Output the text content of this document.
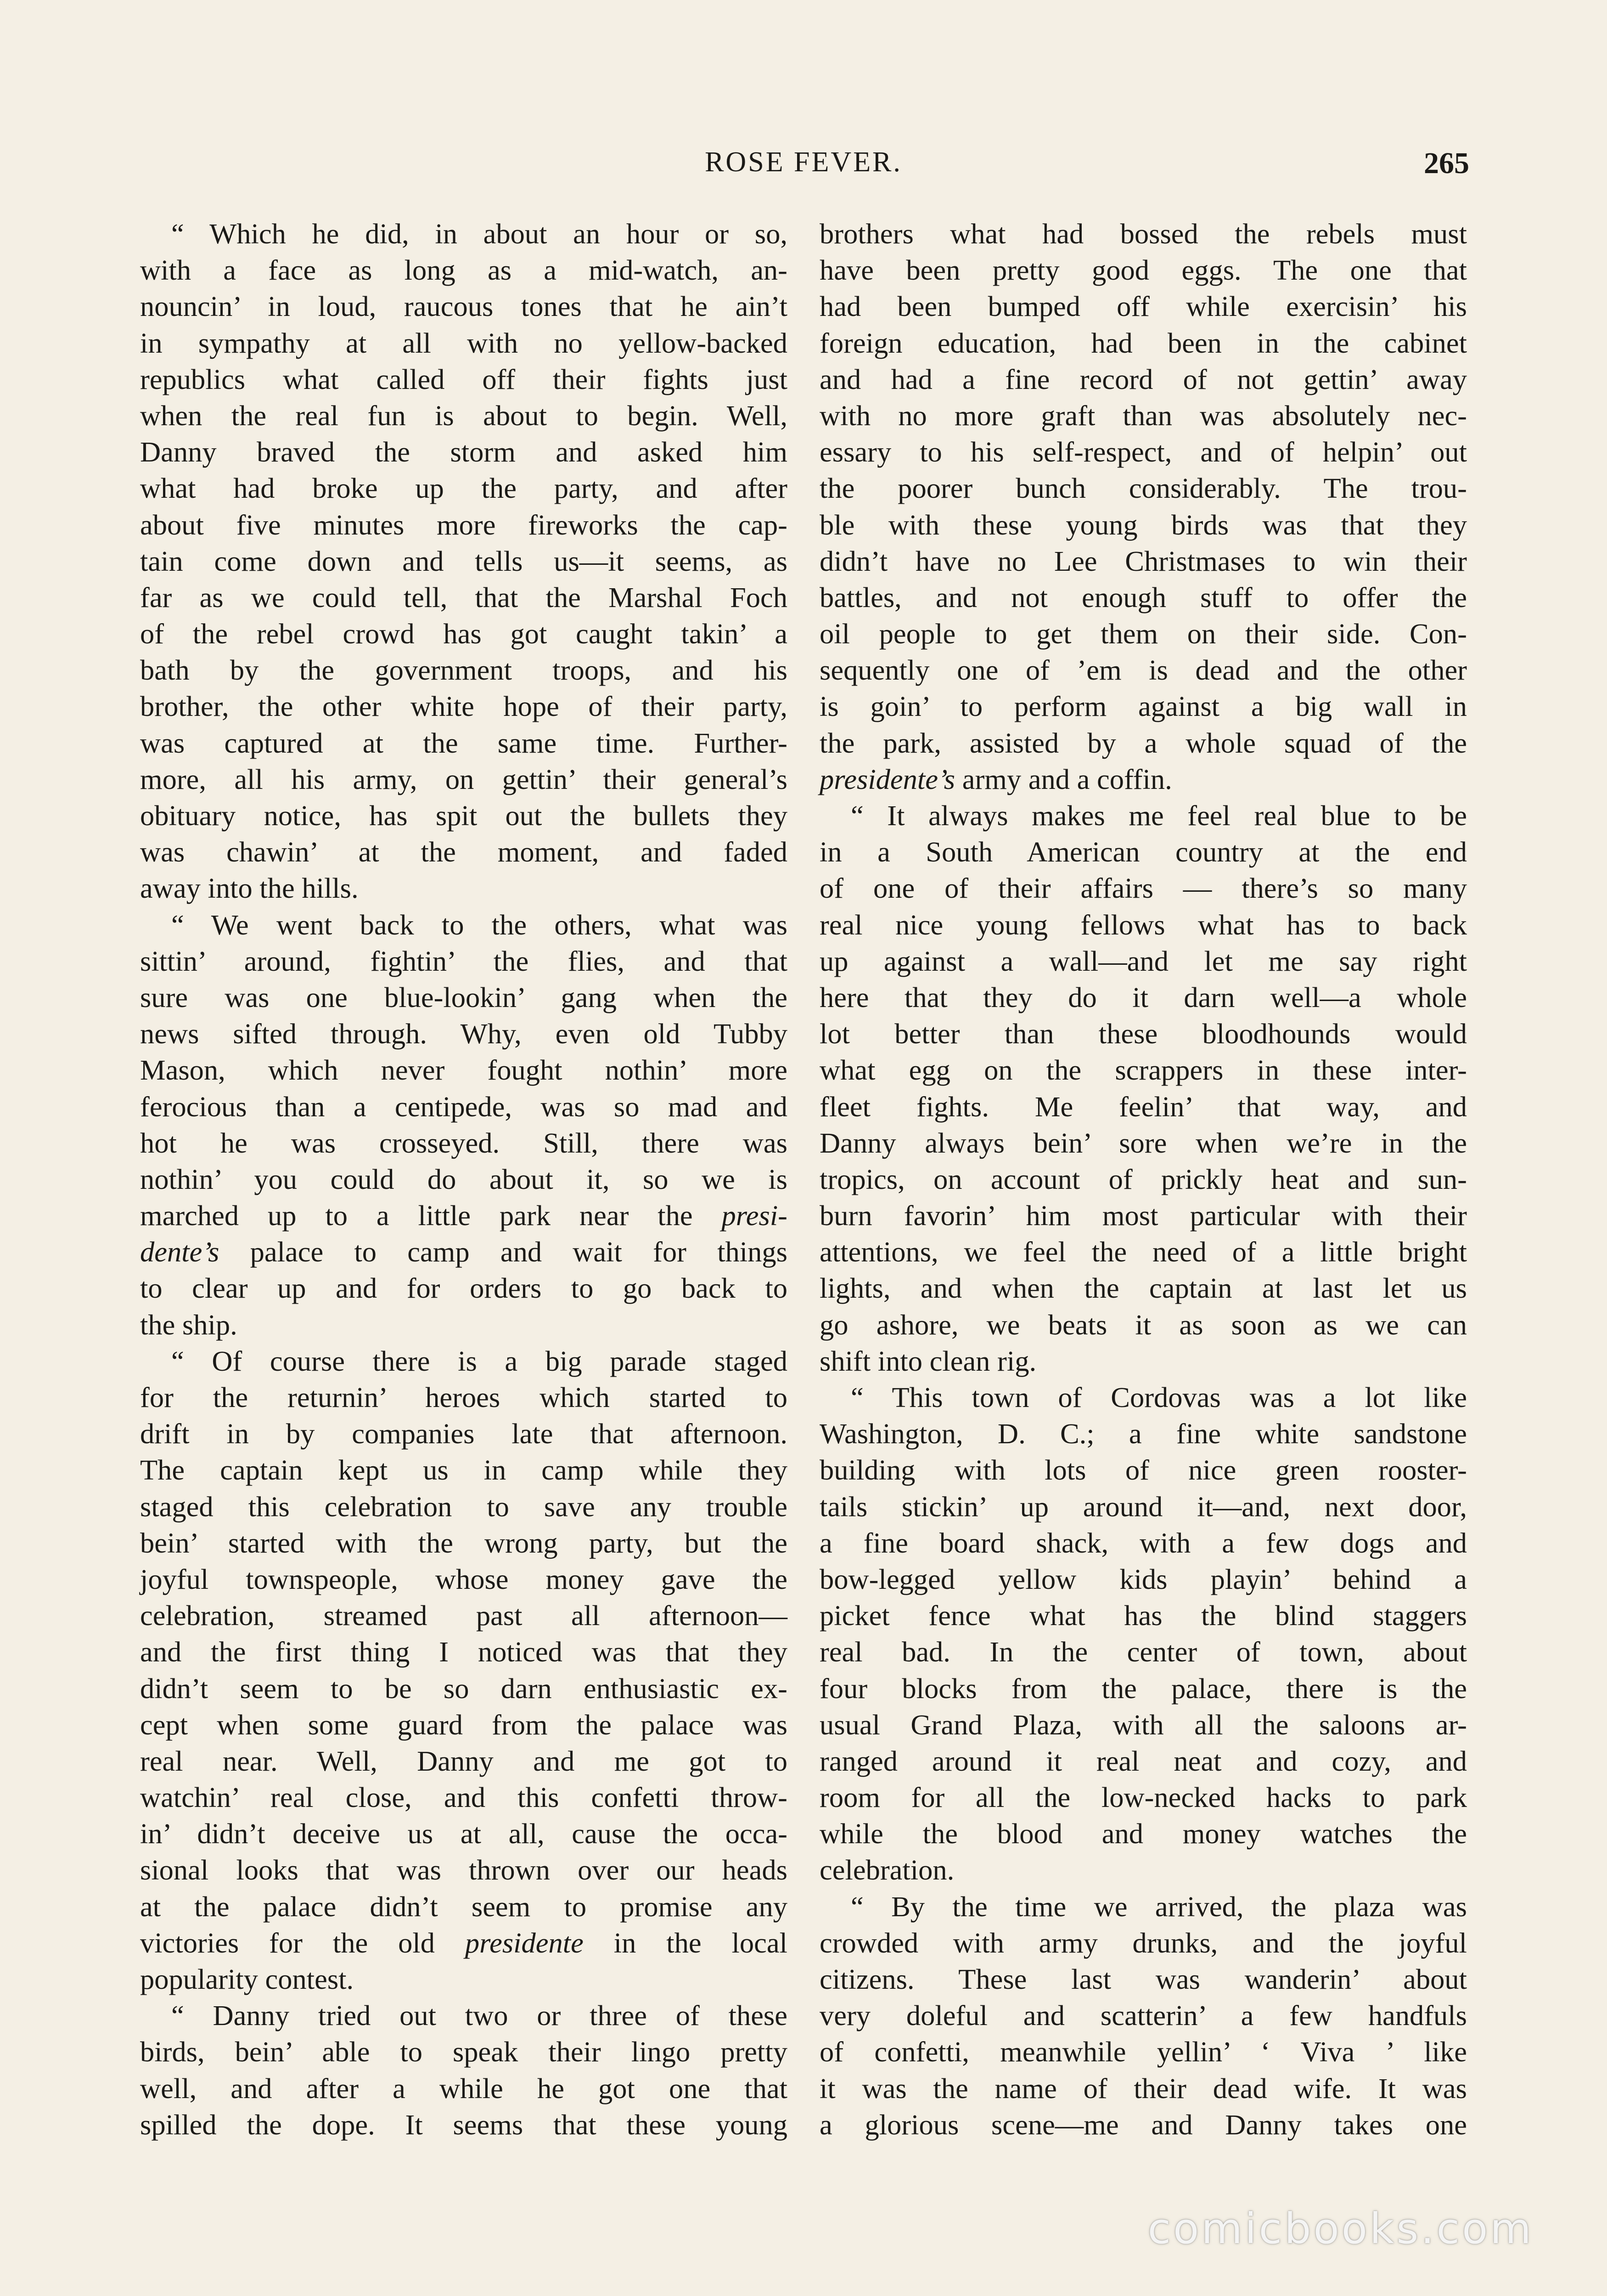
ROSE FEVER.	265
“ Which he did, in about an hour or so,
with a face as long as a mid-watch, an-
nouncin’ in loud, raucous tones that he ain’t
in sympathy at all with no yellow-backed
republics what called off their fights just
when the real fun is about to begin. Well,
Danny braved the storm and asked him
what had broke up the party, and after
about five minutes more fireworks the cap-
tain come down and tells us—it seems, as
far as we could tell, that the Marshal Foch
of the rebel crowd has got caught takin’ a
bath by the government troops, and his
brother, the other white hope of their party,
was captured at the same time. Further-
more, all his army, on gettin’ their general’s
obituary notice, has spit out the bullets they
was chawin’ at the moment, and faded
away into the hills.
“ We went back to the others, what was
sittin’ around, fightin’ the flies, and that
sure was one blue-lookin’ gang when the
news sifted through. Why, even old Tubby
Mason, which never fought nothin’ more
ferocious than a centipede, was so mad and
hot he was crosseyed. Still, there was
nothin’ you could do about it, so we is
marched up to a little park near the presi-
dente’s palace to camp and wait for things
to clear up and for orders to go back to
the ship.
“ Of course there is a big parade staged
for the returnin’ heroes which started to
drift in by companies late that afternoon.
The captain kept us in camp while they
staged this celebration to save any trouble
bein’ started with the wrong party, but the
joyful townspeople, whose money gave the
celebration, streamed past all afternoon—
and the first thing I noticed was that they
didn’t seem to be so darn enthusiastic ex-
cept when some guard from the palace was
real near. Well, Danny and me got to
watchin’ real close, and this confetti throw-
in’ didn’t deceive us at all, cause the occa-
sional looks that was thrown over our heads
at the palace didn’t seem to promise any
victories for the old presidente in the local
popularity contest.
“ Danny tried out two or three of these
birds, bein’ able to speak their lingo pretty
well, and after a while he got one that
spilled the dope. It seems that these young
brothers what had bossed the rebels must
have been pretty good eggs. The one that
had been bumped off while exercisin’ his
foreign education, had been in the cabinet
and had a fine record of not gettin’ away
with no more graft than was absolutely nec-
essary to his self-respect, and of helpin’ out
the poorer bunch considerably. The trou-
ble with these young birds was that they
didn’t have no Lee Christmases to win their
battles, and not enough stuff to offer the
oil people to get them on their side. Con-
sequently one of ’em is dead and the other
is goin’ to perform against a big wall in
the park, assisted by a whole squad of the
presidente’s army and a coffin.
“ It always makes me feel real blue to be
in a South American country at the end
of one of their affairs — there’s so many
real nice young fellows what has to back
up against a wall—and let me say right
here that they do it darn well—a whole
lot better than these bloodhounds would
what egg on the scrappers in these inter-
fleet fights. Me feelin’ that way, and
Danny always bein’ sore when we’re in the
tropics, on account of prickly heat and sun-
burn favorin’ him most particular with their
attentions, we feel the need of a little bright
lights, and when the captain at last let us
go ashore, we beats it as soon as we can
shift into clean rig.
“ This town of Cordovas was a lot like
Washington, D. C.; a fine white sandstone
building with lots of nice green rooster-
tails stickin’ up around it—and, next door,
a fine board shack, with a few dogs and
bow-legged yellow kids playin’ behind a
picket fence what has the blind staggers
real bad. In the center of town, about
four blocks from the palace, there is the
usual Grand Plaza, with all the saloons ar-
ranged around it real neat and cozy, and
room for all the low-necked hacks to park
while the blood and money watches the
celebration.
“ By the time we arrived, the plaza was
crowded with army drunks, and the joyful
citizens. These last was wanderin’ about
very doleful and scatterin’ a few handfuls
of confetti, meanwhile yellin’ ‘ Viva ’ like
it was the name of their dead wife. It was
a glorious scene—me and Danny takes one
comicbooks.com
